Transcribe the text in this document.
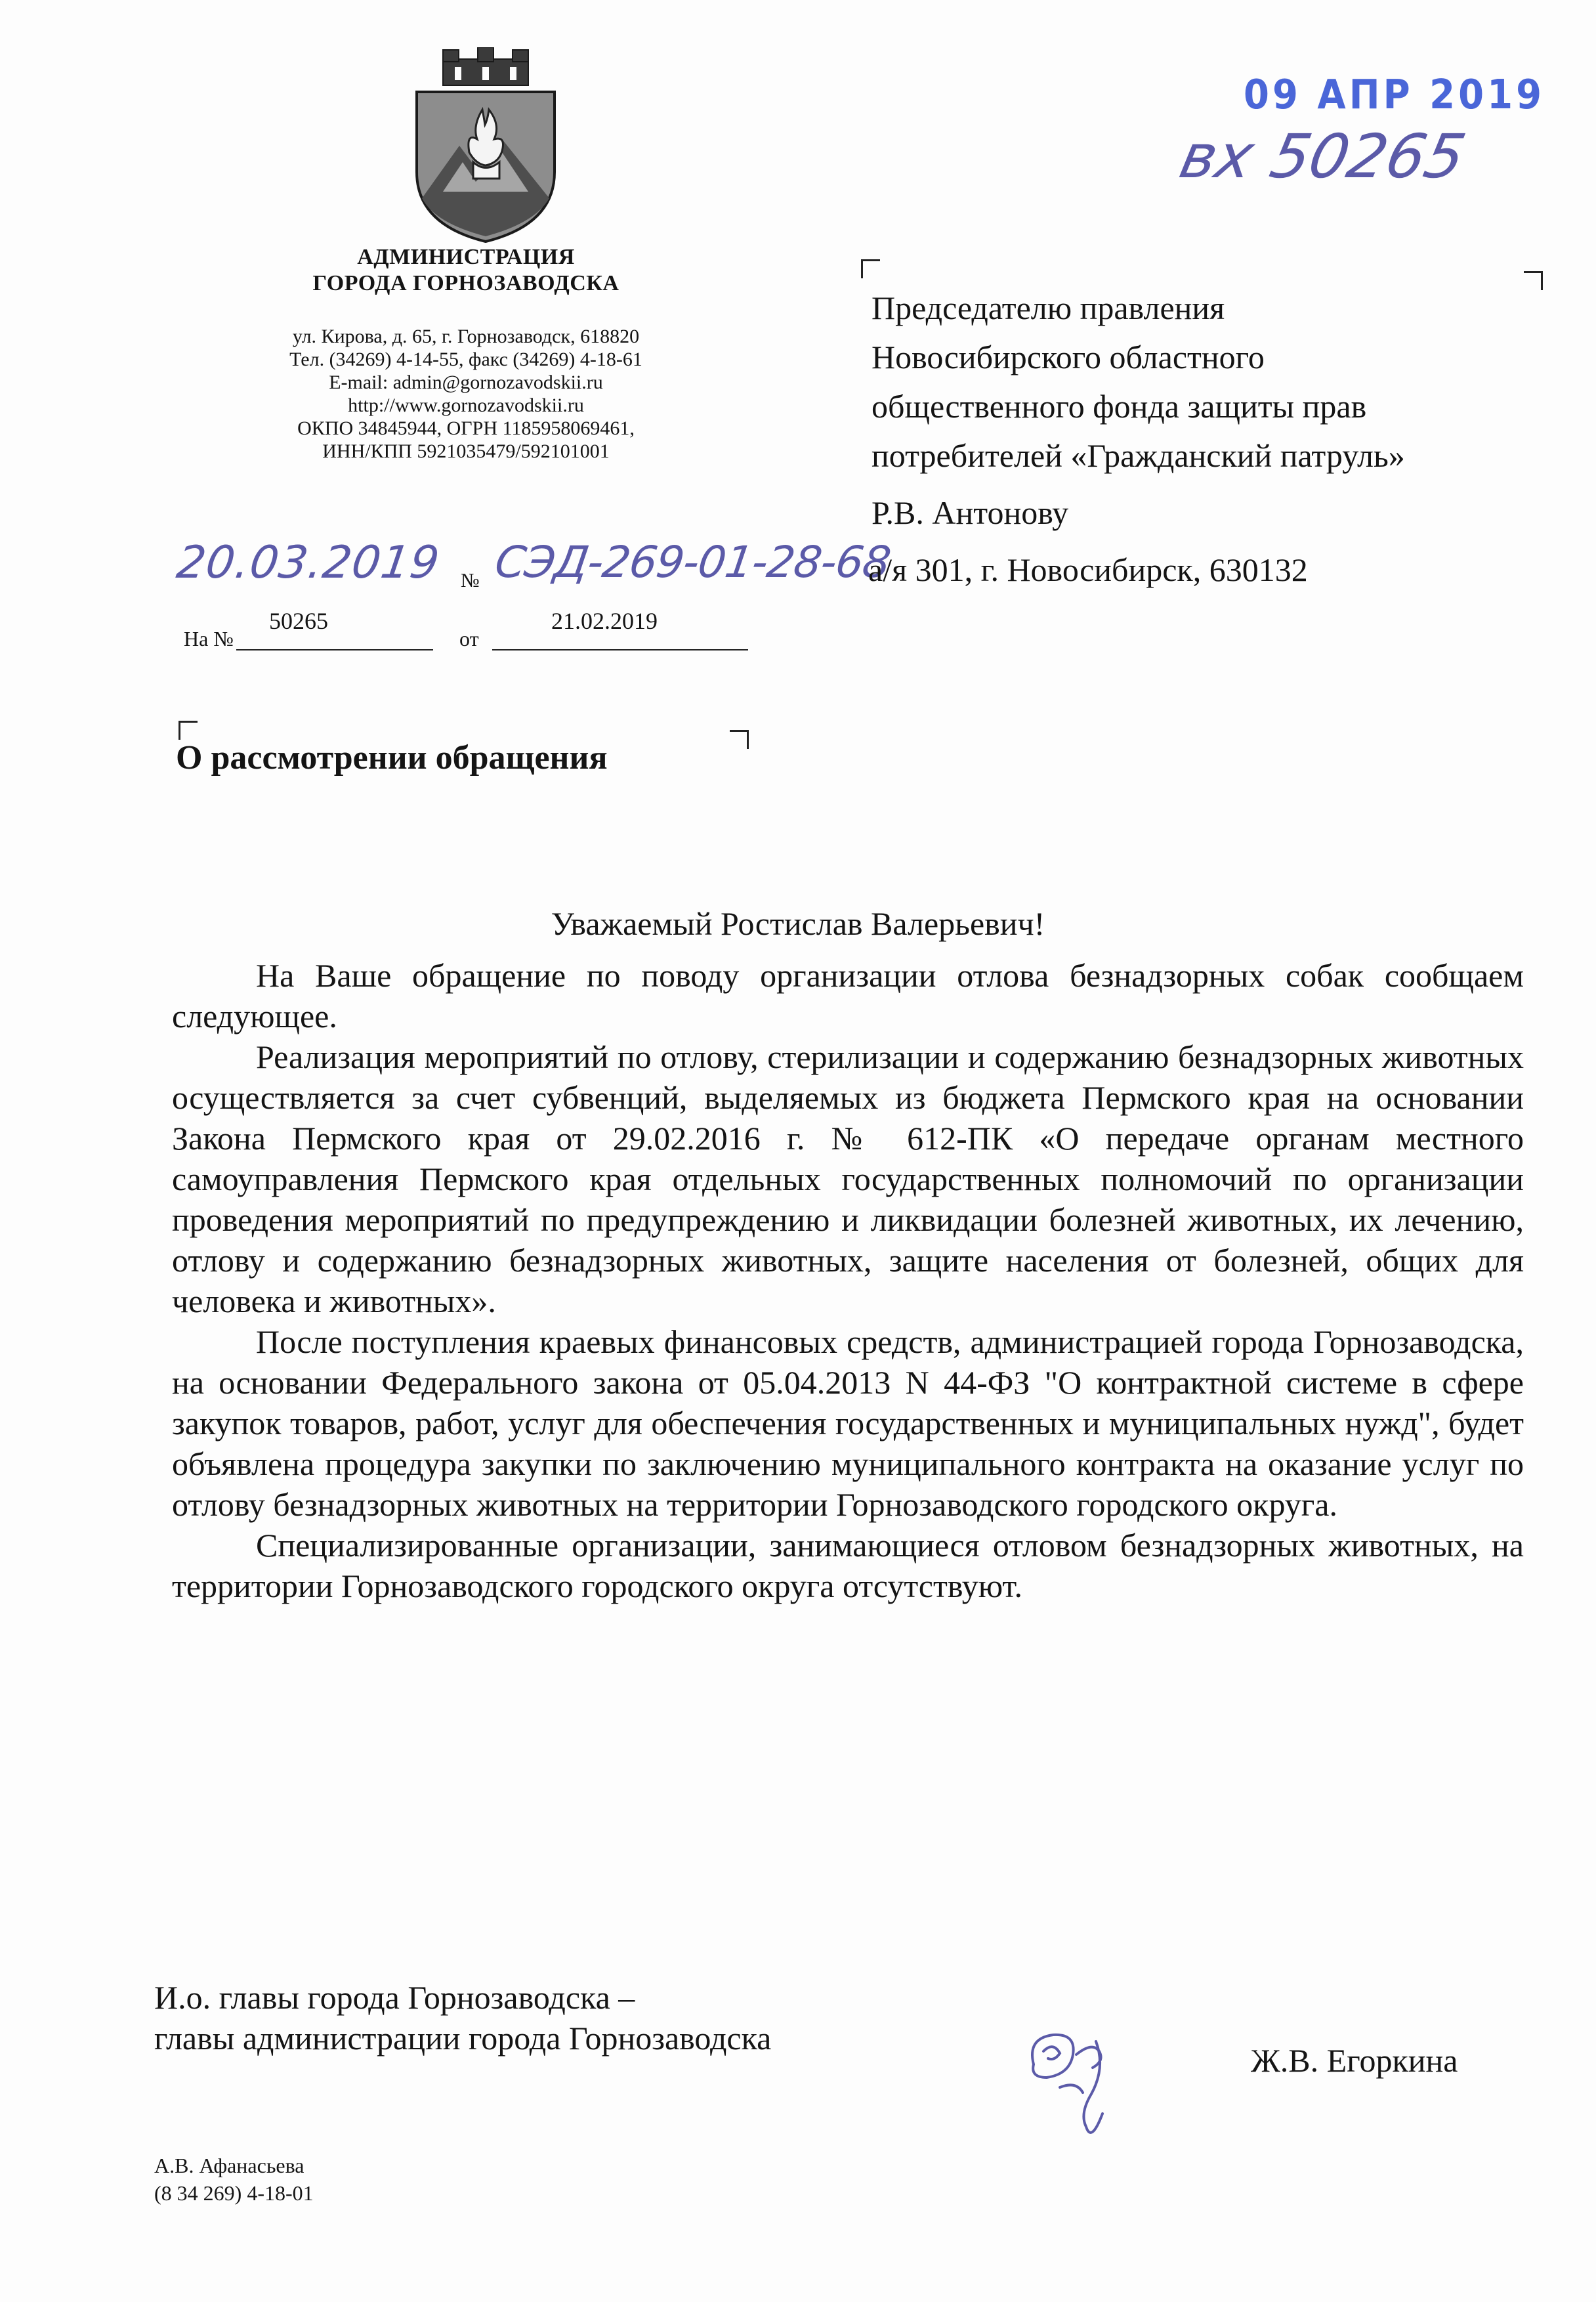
АДМИНИСТРАЦИЯ
ГОРОДА ГОРНОЗАВОДСКА
ул. Кирова, д. 65, г. Горнозаводск, 618820
Тел. (34269) 4-14-55, факс (34269) 4-18-61
E-mail: admin@gornozavodskii.ru
http://www.gornozavodskii.ru
ОКПО 34845944, ОГРН 1185958069461,
ИНН/КПП 5921035479/592101001
20.03.2019 № СЭД-269-01-28-68
На №
50265
от
21.02.2019
09 АПР 2019
вх 50265
Председателю правления
Новосибирского областного
общественного фонда защиты прав
потребителей «Гражданский патруль»
Р.В. Антонову
а/я 301, г. Новосибирск, 630132
О рассмотрении обращения
Уважаемый Ростислав Валерьевич!

На Ваше обращение по поводу организации отлова безнадзорных собак сообщаем следующее.

Реализация мероприятий по отлову, стерилизации и содержанию безнадзорных животных осуществляется за счет субвенций, выделяемых из бюджета Пермского края на основании Закона Пермского края от 29.02.2016 г. № 612-ПК «О передаче органам местного самоуправления Пермского края отдельных государственных полномочий по организации проведения мероприятий по предупреждению и ликвидации болезней животных, их лечению, отлову и содержанию безнадзорных животных, защите населения от болезней, общих для человека и животных».

После поступления краевых финансовых средств, администрацией города Горнозаводска, на основании Федерального закона от 05.04.2013 N 44-ФЗ "О контрактной системе в сфере закупок товаров, работ, услуг для обеспечения государственных и муниципальных нужд", будет объявлена процедура закупки по заключению муниципального контракта на оказание услуг по отлову безнадзорных животных на территории Горнозаводского городского округа.

Специализированные организации, занимающиеся отловом безнадзорных животных, на территории Горнозаводского городского округа отсутствуют.

И.о. главы города Горнозаводска –
главы администрации города Горнозаводска
Ж.В. Егоркина
А.В. Афанасьева
(8 34 269) 4-18-01
